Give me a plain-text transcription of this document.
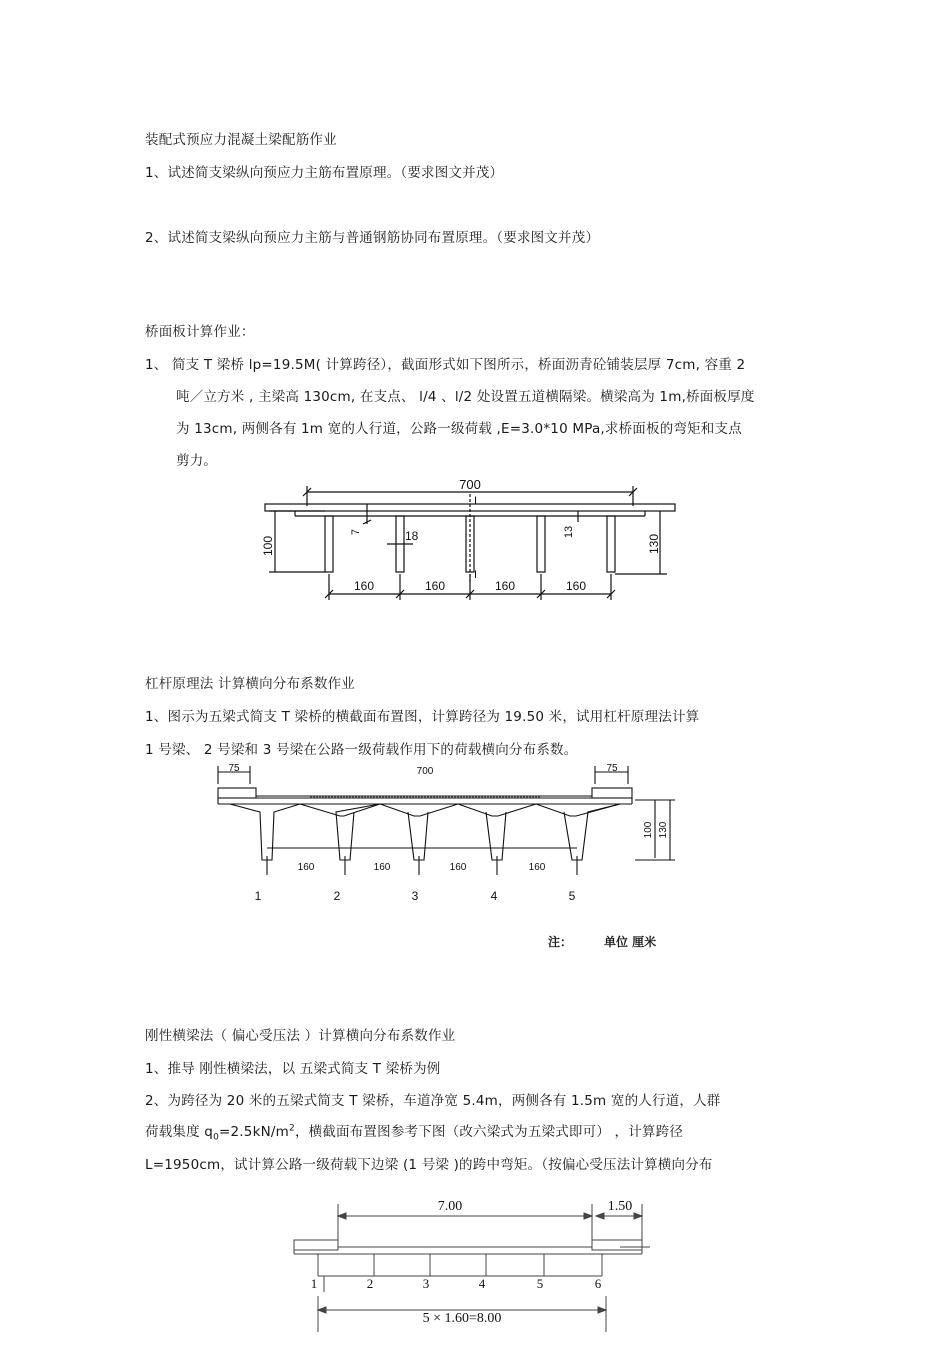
装配式预应力混凝土梁配筋作业
1、试述简支梁纵向预应力主筋布置原理。（要求图文并茂）
2、试述简支梁纵向预应力主筋与普通钢筋协同布置原理。（要求图文并茂）
桥面板计算作业：
1、 简支 T 梁桥 lp=19.5M( 计算跨径），截面形式如下图所示，桥面沥青砼铺装层厚 7cm, 容重 2
吨／立方米 , 主梁高 130cm, 在支点、 l/4 、l/2 处设置五道横隔梁。横梁高为 1m,桥面板厚度
为 13cm, 两侧各有 1m 宽的人行道，公路一级荷载 ,E=3.0*10 MPa,求桥面板的弯矩和支点
剪力。
700
I
I
100	130
7	18	13
160	160	160	160
杠杆原理法 计算横向分布系数作业
1、图示为五梁式简支 T 梁桥的横截面布置图，计算跨径为 19.50 米，试用杠杆原理法计算
1 号梁、 2 号梁和 3 号梁在公路一级荷载作用下的荷载横向分布系数。
75	700	75
100 130
160	160	160	160
1	2	3	4	5
注：	单位 厘米
刚性横梁法（ 偏心受压法 ）计算横向分布系数作业
1、推导 刚性横梁法，以 五梁式简支 T 梁桥为例
2、为跨径为 20 米的五梁式简支 T 梁桥，车道净宽 5.4m，两侧各有 1.5m 宽的人行道，人群
荷载集度 $q_0=2.5kN/m^2$，横截面布置图参考下图（改六梁式为五梁式即可） ，计算跨径
L=1950cm，试计算公路一级荷载下边梁 (1 号梁 )的跨中弯矩。（按偏心受压法计算横向分布
7.00	1.50
1	2	3	4	5	6
5 × 1.60=8.00
